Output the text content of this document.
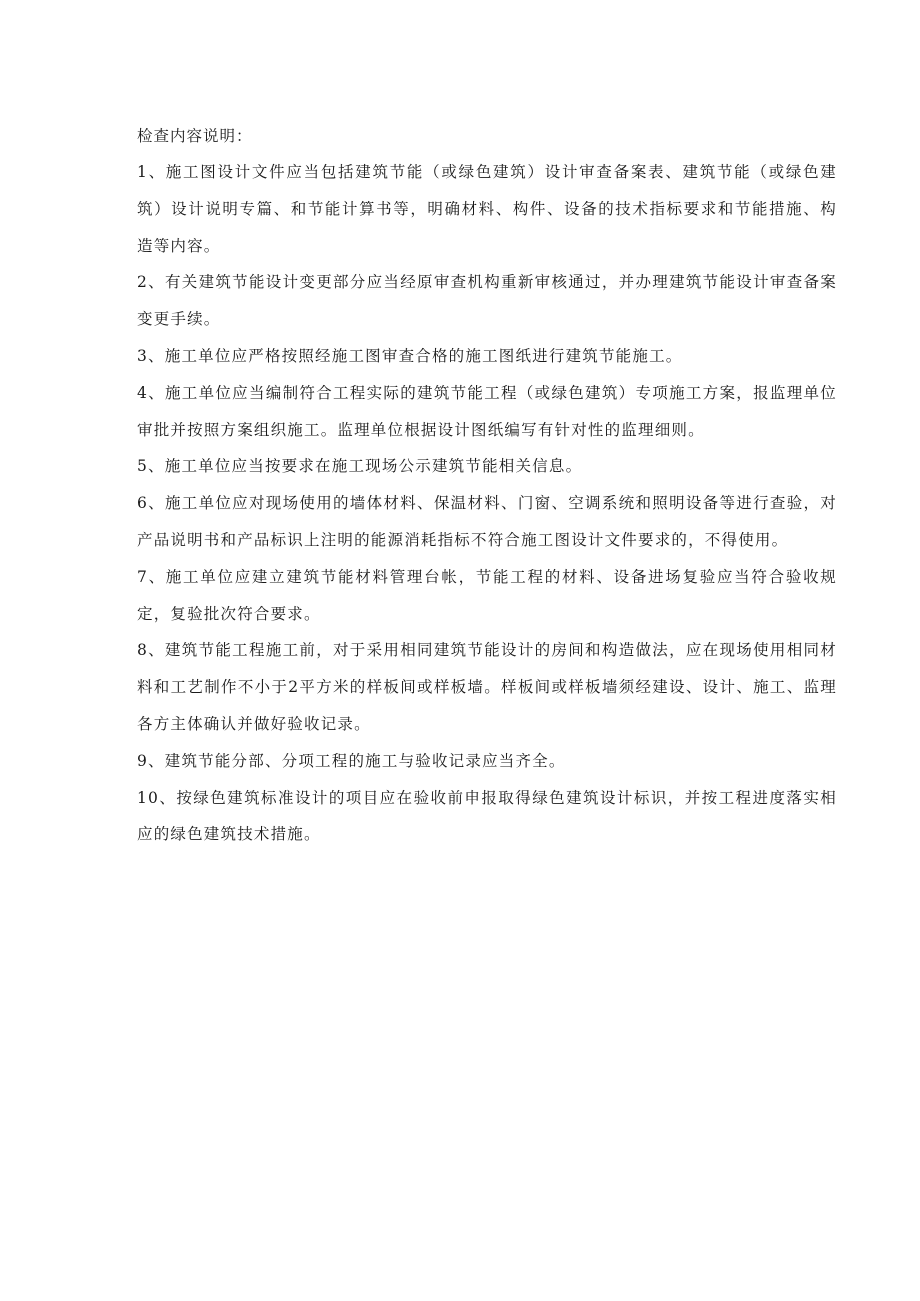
检查内容说明：

1、施工图设计文件应当包括建筑节能（或绿色建筑）设计审查备案表、建筑节能（或绿色建筑）设计说明专篇、和节能计算书等，明确材料、构件、设备的技术指标要求和节能措施、构造等内容。

2、有关建筑节能设计变更部分应当经原审查机构重新审核通过，并办理建筑节能设计审查备案变更手续。

3、施工单位应严格按照经施工图审查合格的施工图纸进行建筑节能施工。

4、施工单位应当编制符合工程实际的建筑节能工程（或绿色建筑）专项施工方案，报监理单位审批并按照方案组织施工。监理单位根据设计图纸编写有针对性的监理细则。

5、施工单位应当按要求在施工现场公示建筑节能相关信息。

6、施工单位应对现场使用的墙体材料、保温材料、门窗、空调系统和照明设备等进行查验，对产品说明书和产品标识上注明的能源消耗指标不符合施工图设计文件要求的，不得使用。

7、施工单位应建立建筑节能材料管理台帐，节能工程的材料、设备进场复验应当符合验收规定，复验批次符合要求。

8、建筑节能工程施工前，对于采用相同建筑节能设计的房间和构造做法，应在现场使用相同材料和工艺制作不小于2平方米的样板间或样板墙。样板间或样板墙须经建设、设计、施工、监理各方主体确认并做好验收记录。

9、建筑节能分部、分项工程的施工与验收记录应当齐全。

10、按绿色建筑标准设计的项目应在验收前申报取得绿色建筑设计标识，并按工程进度落实相应的绿色建筑技术措施。
